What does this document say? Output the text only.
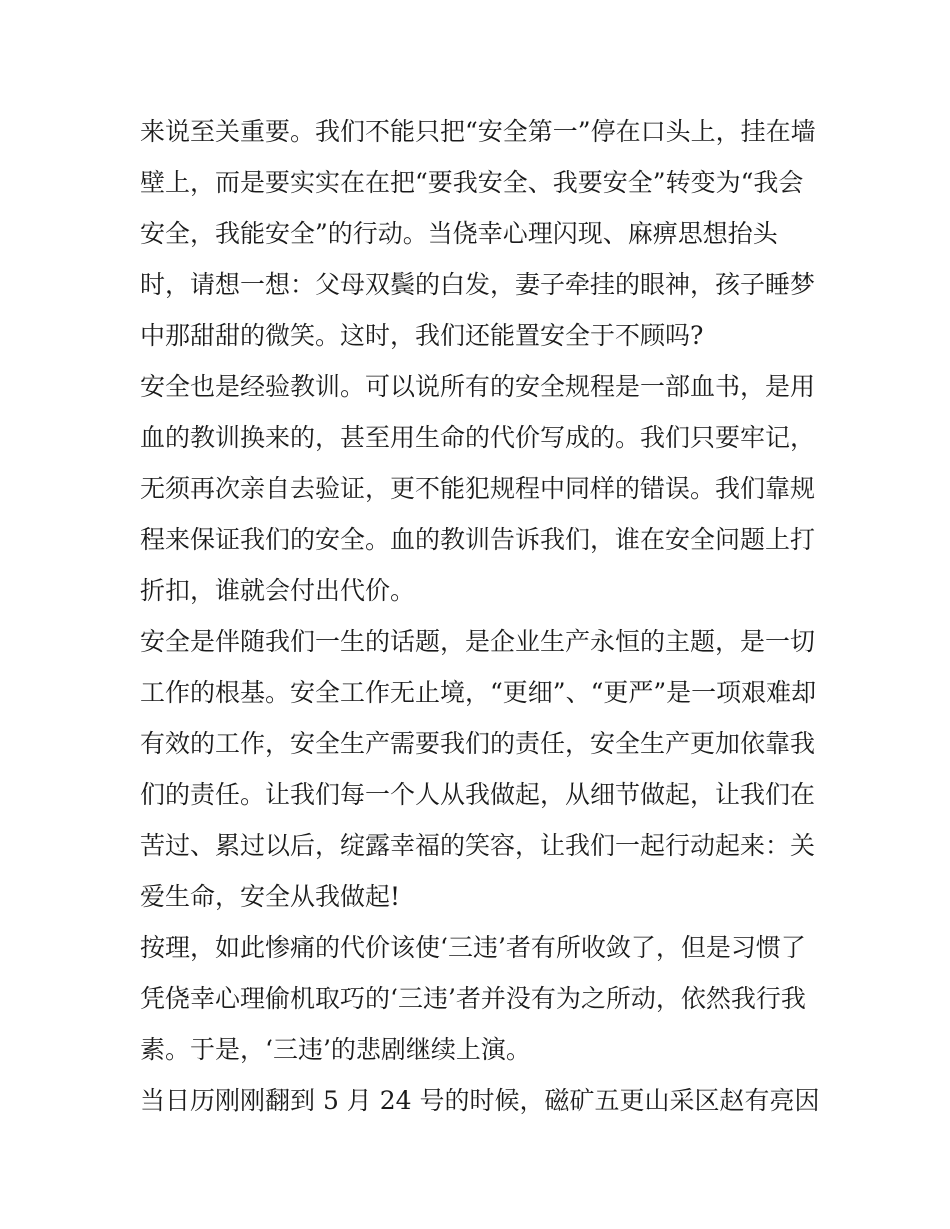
来说至关重要。我们不能只把“安全第一”停在口头上，挂在墙
壁上，而是要实实在在把“要我安全、我要安全”转变为“我会
安全，我能安全”的行动。当侥幸心理闪现、麻痹思想抬头
时，请想一想：父母双鬓的白发，妻子牵挂的眼神，孩子睡梦
中那甜甜的微笑。这时，我们还能置安全于不顾吗?
安全也是经验教训。可以说所有的安全规程是一部血书，是用
血的教训换来的，甚至用生命的代价写成的。我们只要牢记，
无须再次亲自去验证，更不能犯规程中同样的错误。我们靠规
程来保证我们的安全。血的教训告诉我们，谁在安全问题上打
折扣，谁就会付出代价。
安全是伴随我们一生的话题，是企业生产永恒的主题，是一切
工作的根基。安全工作无止境，“更细”、“更严”是一项艰难却
有效的工作，安全生产需要我们的责任，安全生产更加依靠我
们的责任。让我们每一个人从我做起，从细节做起，让我们在
苦过、累过以后，绽露幸福的笑容，让我们一起行动起来：关
爱生命，安全从我做起!
按理，如此惨痛的代价该使‘三违’者有所收敛了，但是习惯了
凭侥幸心理偷机取巧的‘三违’者并没有为之所动，依然我行我
素。于是，‘三违’的悲剧继续上演。
当日历刚刚翻到 5 月 24 号的时候，磁矿五更山采区赵有亮因
